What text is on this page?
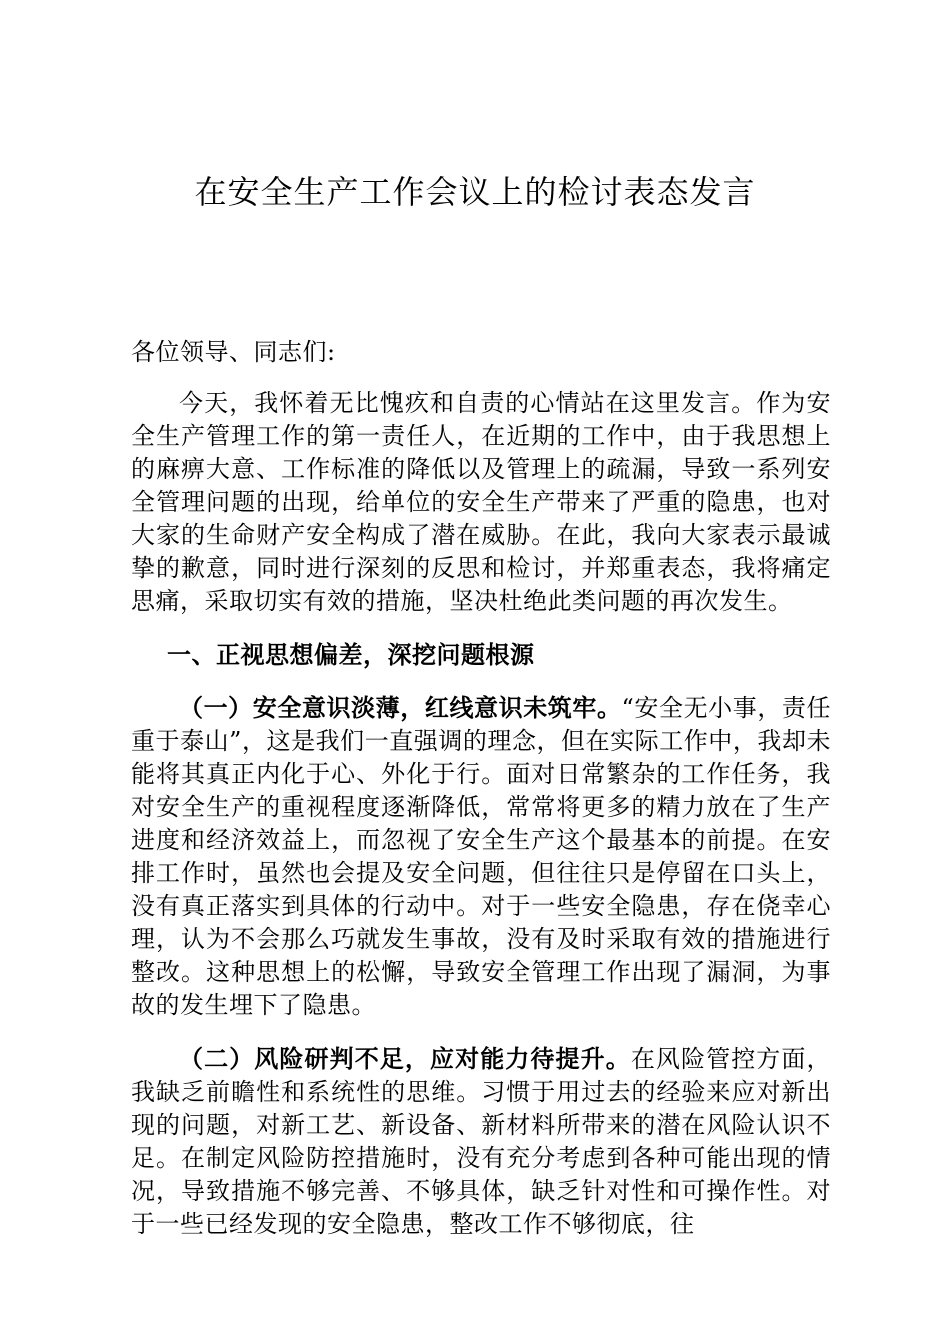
在安全生产工作会议上的检讨表态发言

各位领导、同志们:

今天，我怀着无比愧疚和自责的心情站在这里发言。作为安全生产管理工作的第一责任人，在近期的工作中，由于我思想上的麻痹大意、工作标准的降低以及管理上的疏漏，导致一系列安全管理问题的出现，给单位的安全生产带来了严重的隐患，也对大家的生命财产安全构成了潜在威胁。在此，我向大家表示最诚挚的歉意，同时进行深刻的反思和检讨，并郑重表态，我将痛定思痛，采取切实有效的措施，坚决杜绝此类问题的再次发生。

一、正视思想偏差，深挖问题根源

（一）安全意识淡薄，红线意识未筑牢。“安全无小事，责任重于泰山”，这是我们一直强调的理念，但在实际工作中，我却未能将其真正内化于心、外化于行。面对日常繁杂的工作任务，我对安全生产的重视程度逐渐降低，常常将更多的精力放在了生产进度和经济效益上，而忽视了安全生产这个最基本的前提。在安排工作时，虽然也会提及安全问题，但往往只是停留在口头上，没有真正落实到具体的行动中。对于一些安全隐患，存在侥幸心理，认为不会那么巧就发生事故，没有及时采取有效的措施进行整改。这种思想上的松懈，导致安全管理工作出现了漏洞，为事故的发生埋下了隐患。

（二）风险研判不足，应对能力待提升。在风险管控方面，我缺乏前瞻性和系统性的思维。习惯于用过去的经验来应对新出现的问题，对新工艺、新设备、新材料所带来的潜在风险认识不足。在制定风险防控措施时，没有充分考虑到各种可能出现的情况，导致措施不够完善、不够具体，缺乏针对性和可操作性。对于一些已经发现的安全隐患，整改工作不够彻底，往
